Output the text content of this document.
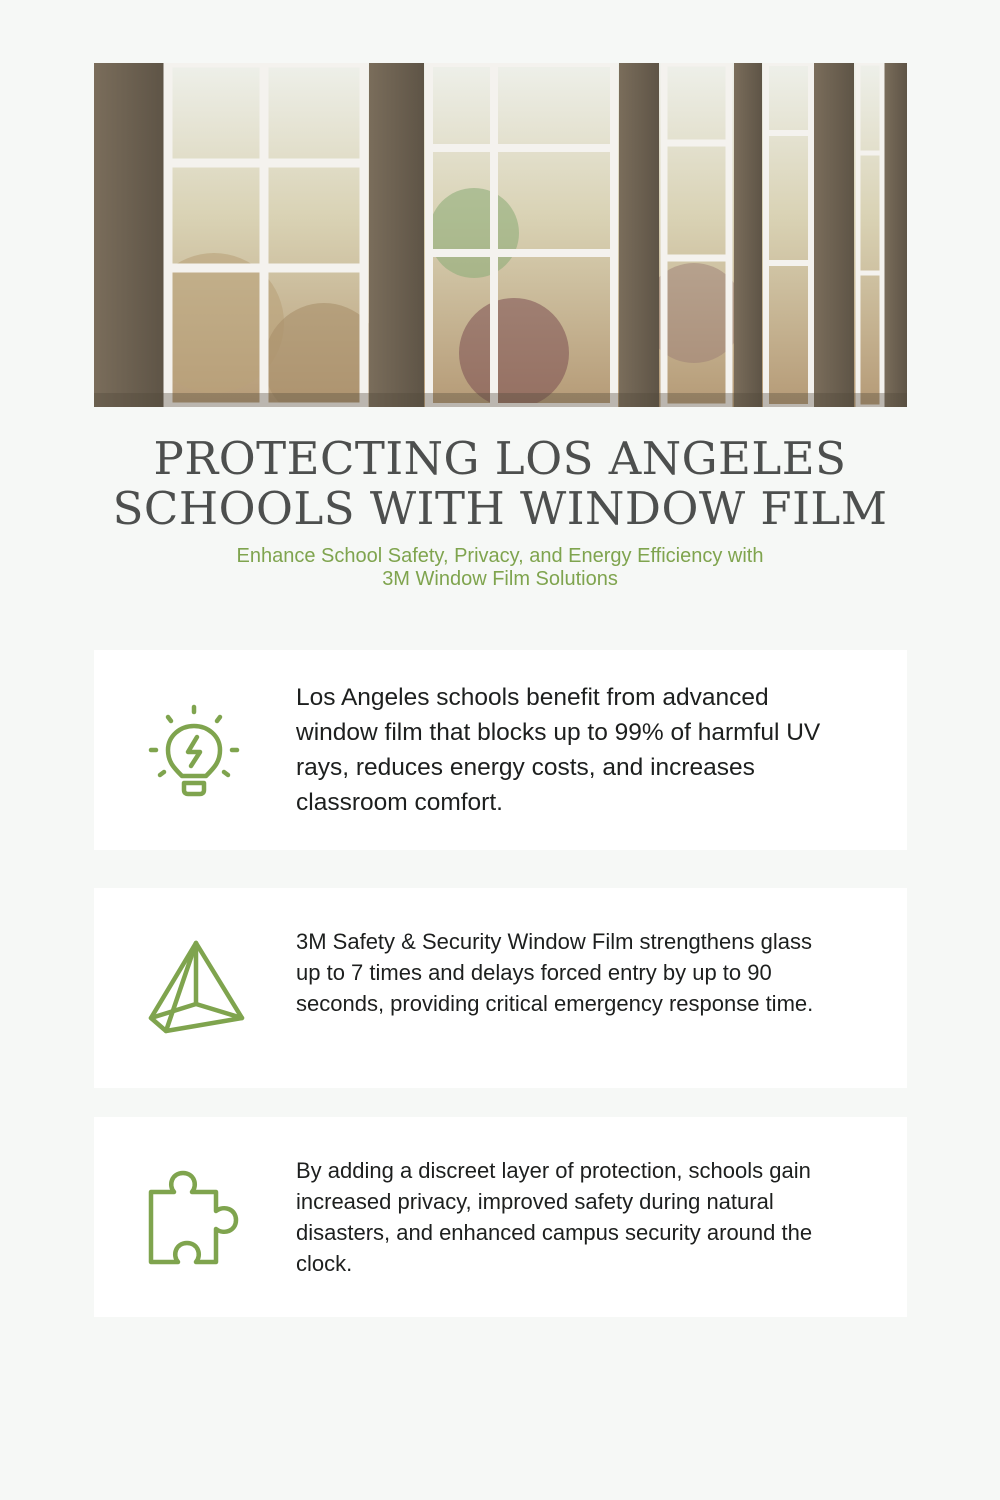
PROTECTING LOS ANGELES
SCHOOLS WITH WINDOW FILM
Enhance School Safety, Privacy, and Energy Efficiency with
3M Window Film Solutions
Los Angeles schools benefit from advanced window film that blocks up to 99% of harmful UV rays, reduces energy costs, and increases classroom comfort.
3M Safety & Security Window Film strengthens glass up to 7 times and delays forced entry by up to 90 seconds, providing critical emergency response time.
By adding a discreet layer of protection, schools gain increased privacy, improved safety during natural disasters, and enhanced campus security around the clock.
